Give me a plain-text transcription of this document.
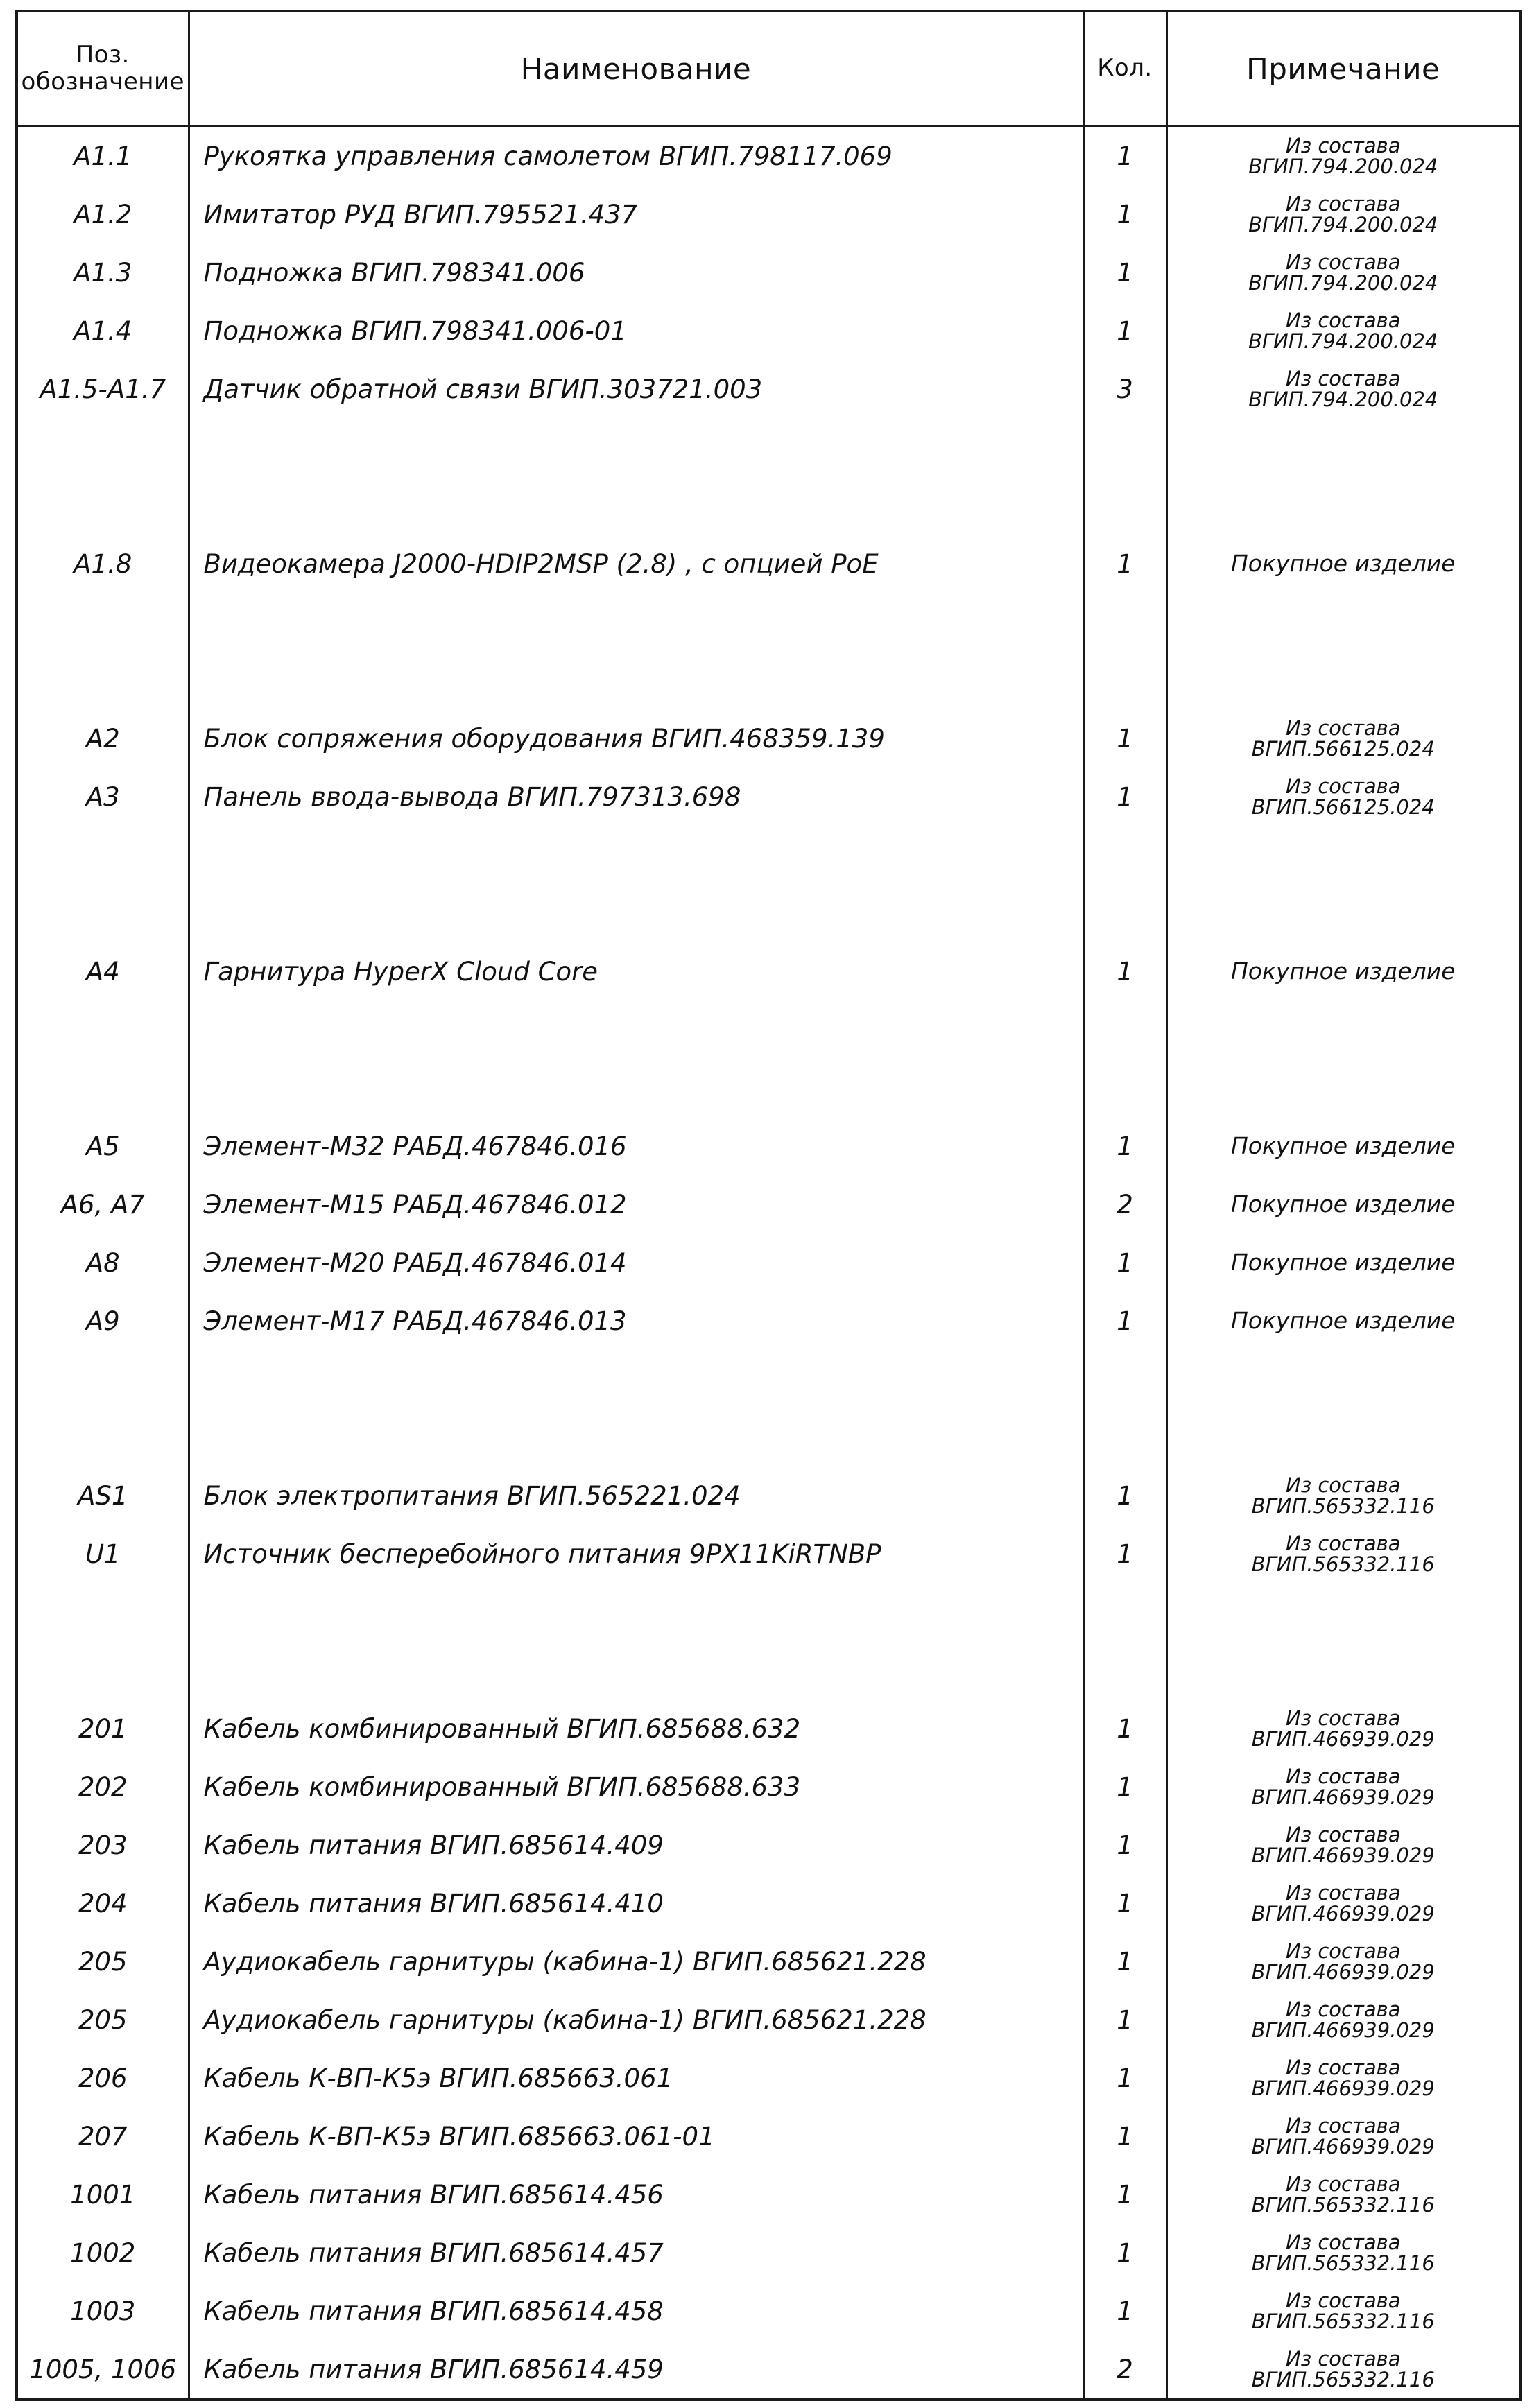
Поз.
обозначение	Наименование	Кол.	Примечание
A1.1	Рукоятка управления самолетом ВГИП.798117.069	1	Из состава
ВГИП.794.200.024

A1.2	Имитатор РУД ВГИП.795521.437	1	Из состава
ВГИП.794.200.024

A1.3	Подножка ВГИП.798341.006	1	Из состава
ВГИП.794.200.024

A1.4	Подножка ВГИП.798341.006-01	1	Из состава
ВГИП.794.200.024

A1.5-A1.7	Датчик обратной связи ВГИП.303721.003	3	Из состава
ВГИП.794.200.024

A1.8	Видеокамера J2000-HDIP2MSP (2.8) , с опцией PoE	1	Покупное изделие

A2	Блок сопряжения оборудования ВГИП.468359.139	1	Из состава
ВГИП.566125.024

A3	Панель ввода-вывода ВГИП.797313.698	1	Из состава
ВГИП.566125.024

A4	Гарнитура HyperX Cloud Core	1	Покупное изделие

A5	Элемент-М32 РАБД.467846.016	1	Покупное изделие
A6, A7	Элемент-М15 РАБД.467846.012	2	Покупное изделие
A8	Элемент-М20 РАБД.467846.014	1	Покупное изделие
A9	Элемент-М17 РАБД.467846.013	1	Покупное изделие

AS1	Блок электропитания ВГИП.565221.024	1	Из состава
ВГИП.565332.116

U1	Источник бесперебойного питания 9PX11KiRTNBP	1	Из состава
ВГИП.565332.116

201	Кабель комбинированный ВГИП.685688.632	1	Из состава
ВГИП.466939.029

202	Кабель комбинированный ВГИП.685688.633	1	Из состава
ВГИП.466939.029

203	Кабель питания ВГИП.685614.409	1	Из состава
ВГИП.466939.029

204	Кабель питания ВГИП.685614.410	1	Из состава
ВГИП.466939.029

205	Аудиокабель гарнитуры (кабина-1) ВГИП.685621.228	1	Из состава
ВГИП.466939.029

205	Аудиокабель гарнитуры (кабина-1) ВГИП.685621.228	1	Из состава
ВГИП.466939.029

206	Кабель К-ВП-К5э ВГИП.685663.061	1	Из состава
ВГИП.466939.029

207	Кабель К-ВП-К5э ВГИП.685663.061-01	1	Из состава
ВГИП.466939.029

1001	Кабель питания ВГИП.685614.456	1	Из состава
ВГИП.565332.116

1002	Кабель питания ВГИП.685614.457	1	Из состава
ВГИП.565332.116

1003	Кабель питания ВГИП.685614.458	1	Из состава
ВГИП.565332.116

1005, 1006	Кабель питания ВГИП.685614.459	2	Из состава
ВГИП.565332.116
